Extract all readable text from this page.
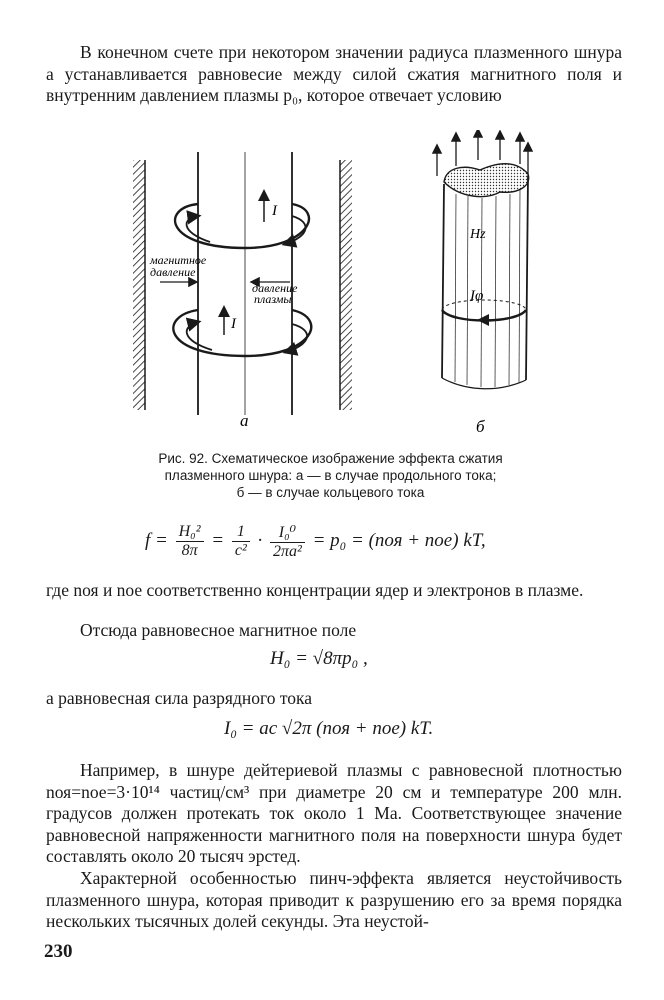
В конечном счете при некотором значении радиуса плазменного шнура a устанавливается равновесие между силой сжатия магнитного поля и внутренним давлением плазмы p₀, которое отвечает условию

I
I
магнитное
давление
давление
плазмы
а
Hz
Iφ
б
Рис. 92. Схематическое изображение эффекта сжатия
плазменного шнура: а — в случае продольного тока;
б — в случае кольцевого тока
$f = \frac{\text{H₀²}}{8\pi} = \frac{1}{\text{c²}} \cdot \frac{\text{I₀⁰}}{\text{2πa²}} = p_0 = (nоя + nое)$ kT,

где nоя и nое соответственно концентрации ядер и электронов в плазме.

Отсюда равновесное магнитное поле

H₀ = √8πp₀ ,

а равновесная сила разрядного тока

I₀ = ac √2π (nоя + nое) kT.

Например, в шнуре дейтериевой плазмы с равновесной плотностью nоя=nое=3·10¹⁴ частиц/см³ при диаметре 20 см и температуре 200 млн. градусов должен протекать ток около 1 Ма. Соответствующее значение равновесной напряженности магнитного поля на поверхности шнура будет составлять около 20 тысяч эрстед.

Характерной особенностью пинч-эффекта является неустойчивость плазменного шнура, которая приводит к разрушению его за время порядка нескольких тысячных долей секунды. Эта неустой-

230
